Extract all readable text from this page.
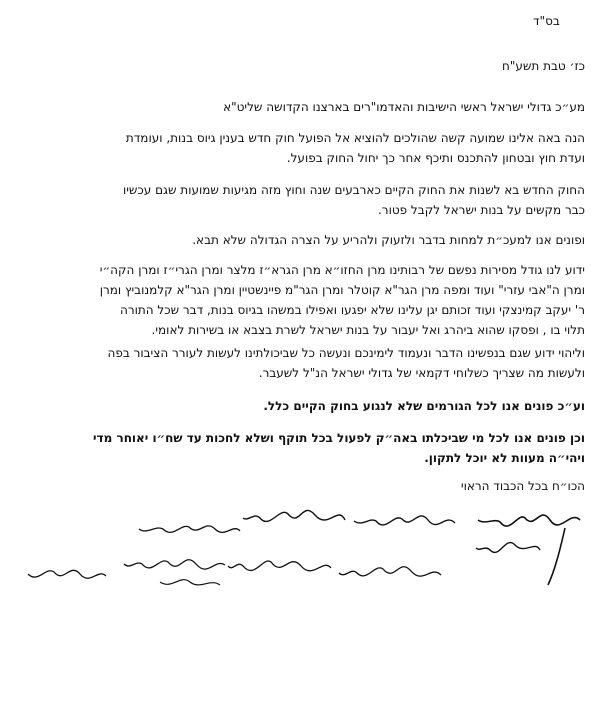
בס"ד
כז׳ טבת תשע"ח
מע״כ גדולי ישראל ראשי הישיבות והאדמו"רים בארצנו הקדושה שליט"א
הנה באה אלינו שמועה קשה שהולכים להוציא אל הפועל חוק חדש בענין גיוס בנות, ועומדת
ועדת חוץ ובטחון להתכנס ותיכף אחר כך יחול החוק בפועל.
החוק החדש בא לשנות את החוק הקיים כארבעים שנה וחוץ מזה מגיעות שמועות שגם עכשיו
כבר מקשים על בנות ישראל לקבל פטור.
ופונים אנו למעכ״ת למחות בדבר ולזעוק ולהריע על הצרה הגדולה שלא תבא.
ידוע לנו גודל מסירות נפשם של רבותינו מרן החזו״א מרן הגרא״ז מלצר ומרן הגרי״ז ומרן הקה״י
ומרן ה"אבי עזרי" ועוד ומפה מרן הגר"א קוטלר ומרן הגר"מ פיינשטיין ומרן הגר"א קלמנוביץ ומרן
ר' יעקב קמינצקי ועוד זכותם יגן עלינו שלא יפגעו ואפילו במשהו בגיוס בנות, דבר שכל התורה
תלוי בו , ופסקו שהוא ביהרג ואל יעבור על בנות ישראל לשרת בצבא או בשירות לאומי.
וליהוי ידוע שגם בנפשינו הדבר ונעמוד לימינכם ונעשה כל שביכולתינו לעשות לעורר הציבור בפה
ולעשות מה שצריך כשלוחי דקמאי של גדולי ישראל הנ"ל לשעבר.
וע״כ פונים אנו לכל הגורמים שלא לנגוע בחוק הקיים כלל.
וכן פונים אנו לכל מי שביכלתו באה״ק לפעול בכל תוקף ושלא לחכות עד שח״ו יאוחר מדי
ויהי״ה מעוות לא יוכל לתקון.
הכו״ח בכל הכבוד הראוי
